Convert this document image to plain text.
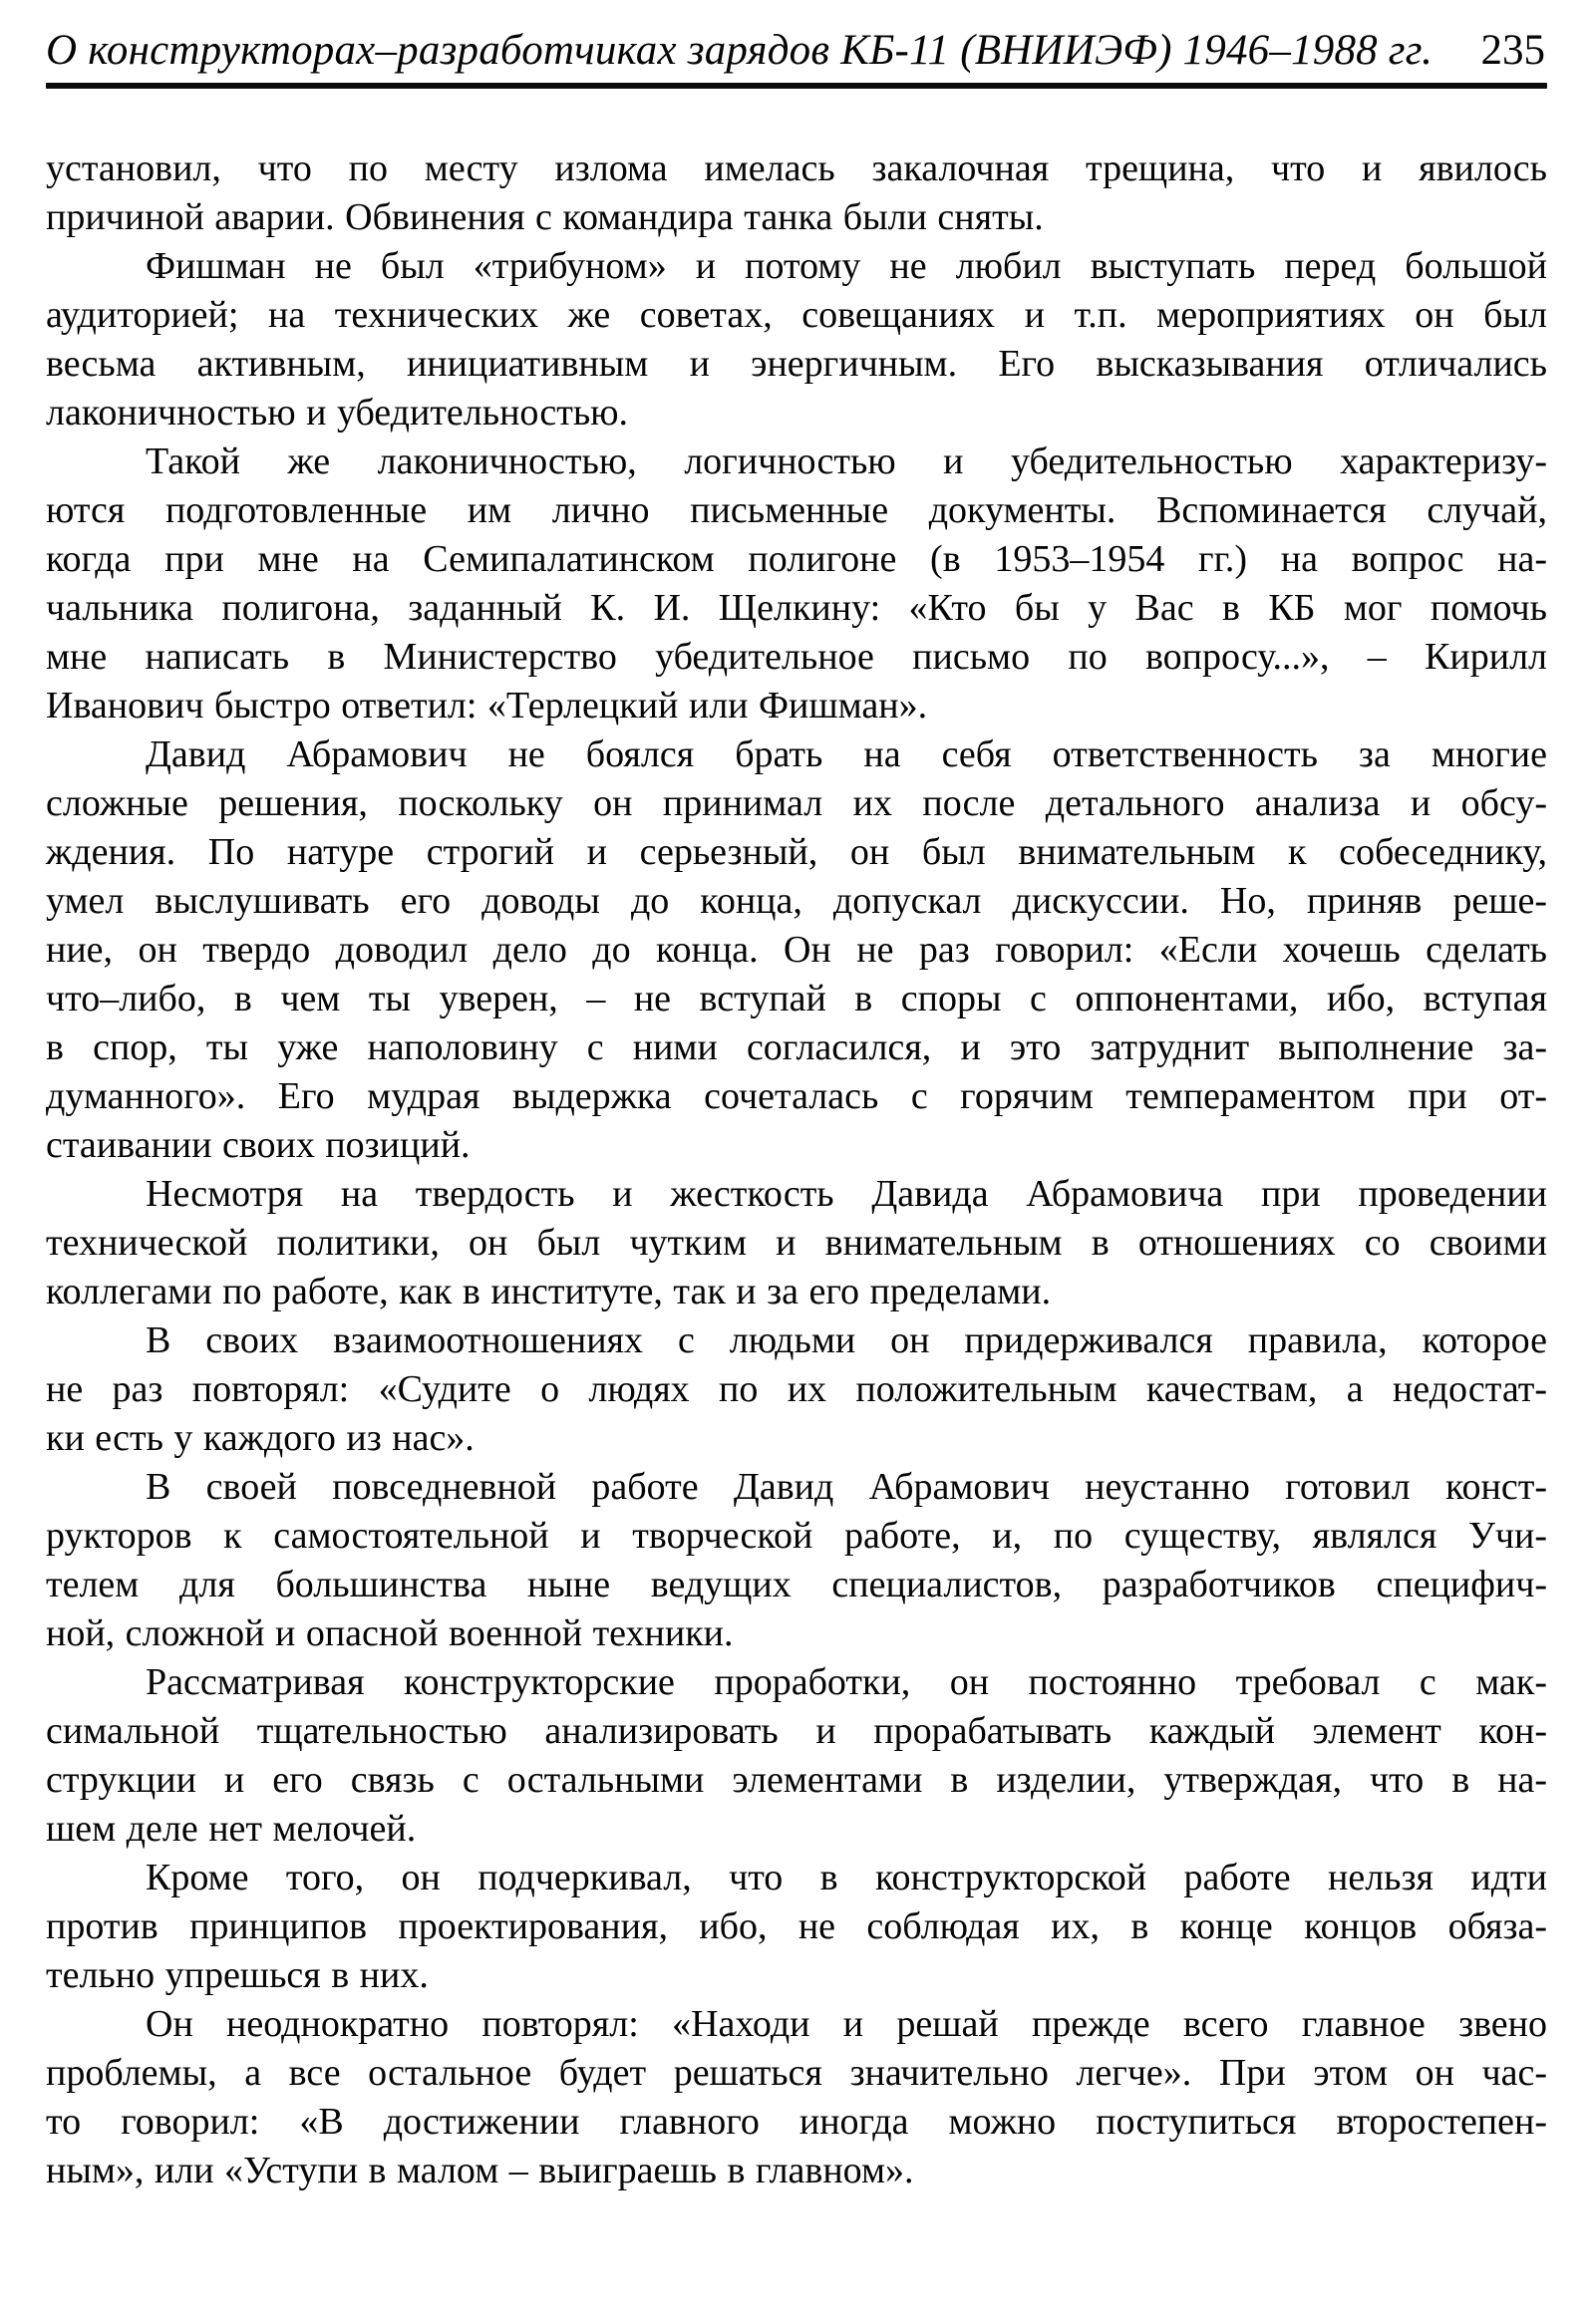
О конструкторах–разработчиках зарядов КБ-11 (ВНИИЭФ) 1946–1988 гг. 235

установил, что по месту излома имелась закалочная трещина, что и явилось
причиной аварии. Обвинения с командира танка были сняты.

Фишман не был «трибуном» и потому не любил выступать перед большой
аудиторией; на технических же советах, совещаниях и т.п. мероприятиях он был
весьма активным, инициативным и энергичным. Его высказывания отличались
лаконичностью и убедительностью.

Такой же лаконичностью, логичностью и убедительностью характеризу-
ются подготовленные им лично письменные документы. Вспоминается случай,
когда при мне на Семипалатинском полигоне (в 1953–1954 гг.) на вопрос на-
чальника полигона, заданный К. И. Щелкину: «Кто бы у Вас в КБ мог помочь
мне написать в Министерство убедительное письмо по вопросу...», – Кирилл
Иванович быстро ответил: «Терлецкий или Фишман».

Давид Абрамович не боялся брать на себя ответственность за многие
сложные решения, поскольку он принимал их после детального анализа и обсу-
ждения. По натуре строгий и серьезный, он был внимательным к собеседнику,
умел выслушивать его доводы до конца, допускал дискуссии. Но, приняв реше-
ние, он твердо доводил дело до конца. Он не раз говорил: «Если хочешь сделать
что–либо, в чем ты уверен, – не вступай в споры с оппонентами, ибо, вступая
в спор, ты уже наполовину с ними согласился, и это затруднит выполнение за-
думанного». Его мудрая выдержка сочеталась с горячим темпераментом при от-
стаивании своих позиций.

Несмотря на твердость и жесткость Давида Абрамовича при проведении
технической политики, он был чутким и внимательным в отношениях со своими
коллегами по работе, как в институте, так и за его пределами.

В своих взаимоотношениях с людьми он придерживался правила, которое
не раз повторял: «Судите о людях по их положительным качествам, а недостат-
ки есть у каждого из нас».

В своей повседневной работе Давид Абрамович неустанно готовил конст-
рукторов к самостоятельной и творческой работе, и, по существу, являлся Учи-
телем для большинства ныне ведущих специалистов, разработчиков специфич-
ной, сложной и опасной военной техники.

Рассматривая конструкторские проработки, он постоянно требовал с мак-
симальной тщательностью анализировать и прорабатывать каждый элемент кон-
струкции и его связь с остальными элементами в изделии, утверждая, что в на-
шем деле нет мелочей.

Кроме того, он подчеркивал, что в конструкторской работе нельзя идти
против принципов проектирования, ибо, не соблюдая их, в конце концов обяза-
тельно упрешься в них.

Он неоднократно повторял: «Находи и решай прежде всего главное звено
проблемы, а все остальное будет решаться значительно легче». При этом он час-
то говорил: «В достижении главного иногда можно поступиться второстепен-
ным», или «Уступи в малом – выиграешь в главном».
